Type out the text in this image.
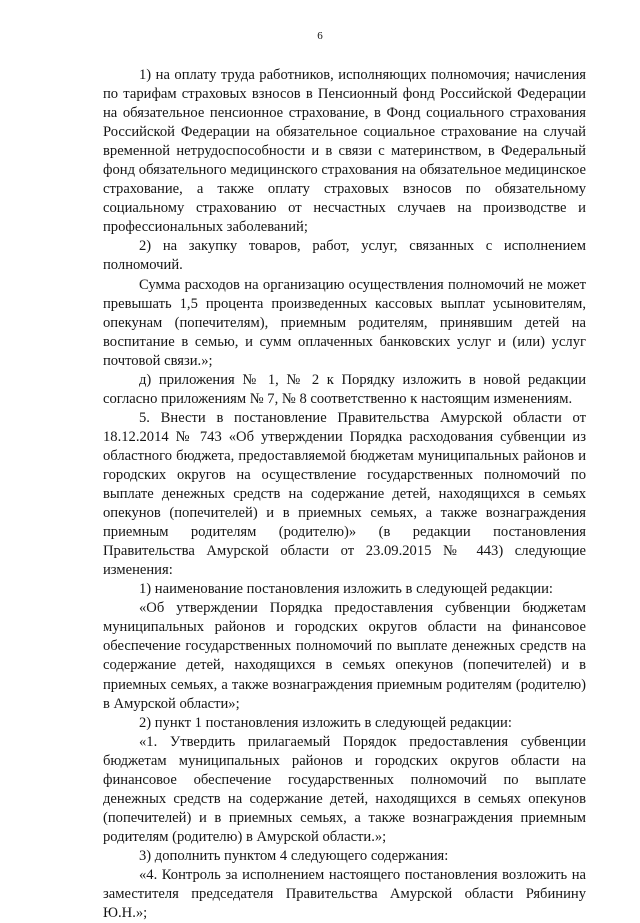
6

1) на оплату труда работников, исполняющих полномочия; начисления по тарифам страховых взносов в Пенсионный фонд Российской Федерации на обязательное пенсионное страхование, в Фонд социального страхования Российской Федерации на обязательное социальное страхование на случай временной нетрудоспособности и в связи с материнством, в Федеральный фонд обязательного медицинского страхования на обязательное медицинское страхование, а также оплату страховых взносов по обязательному социальному страхованию от несчастных случаев на производстве и профессиональных заболеваний;

2) на закупку товаров, работ, услуг, связанных с исполнением полномочий.

Сумма расходов на организацию осуществления полномочий не может превышать 1,5 процента произведенных кассовых выплат усыновителям, опекунам (попечителям), приемным родителям, принявшим детей на воспитание в семью, и сумм оплаченных банковских услуг и (или) услуг почтовой связи.»;

д) приложения № 1, № 2 к Порядку изложить в новой редакции согласно приложениям № 7, № 8 соответственно к настоящим изменениям.

5. Внести в постановление Правительства Амурской области от 18.12.2014 № 743 «Об утверждении Порядка расходования субвенции из областного бюджета, предоставляемой бюджетам муниципальных районов и городских округов на осуществление государственных полномочий по выплате денежных средств на содержание детей, находящихся в семьях опекунов (попечителей) и в приемных семьях, а также вознаграждения приемным родителям (родителю)» (в редакции постановления Правительства Амурской области от 23.09.2015 № 443) следующие изменения:

1) наименование постановления изложить в следующей редакции:

«Об утверждении Порядка предоставления субвенции бюджетам муниципальных районов и городских округов области на финансовое обеспечение государственных полномочий по выплате денежных средств на содержание детей, находящихся в семьях опекунов (попечителей) и в приемных семьях, а также вознаграждения приемным родителям (родителю) в Амурской области»;

2) пункт 1 постановления изложить в следующей редакции:

«1. Утвердить прилагаемый Порядок предоставления субвенции бюджетам муниципальных районов и городских округов области на финансовое обеспечение государственных полномочий по выплате денежных средств на содержание детей, находящихся в семьях опекунов (попечителей) и в приемных семьях, а также вознаграждения приемным родителям (родителю) в Амурской области.»;

3) дополнить пунктом 4 следующего содержания:

«4. Контроль за исполнением настоящего постановления возложить на заместителя председателя Правительства Амурской области Рябинину Ю.Н.»;
